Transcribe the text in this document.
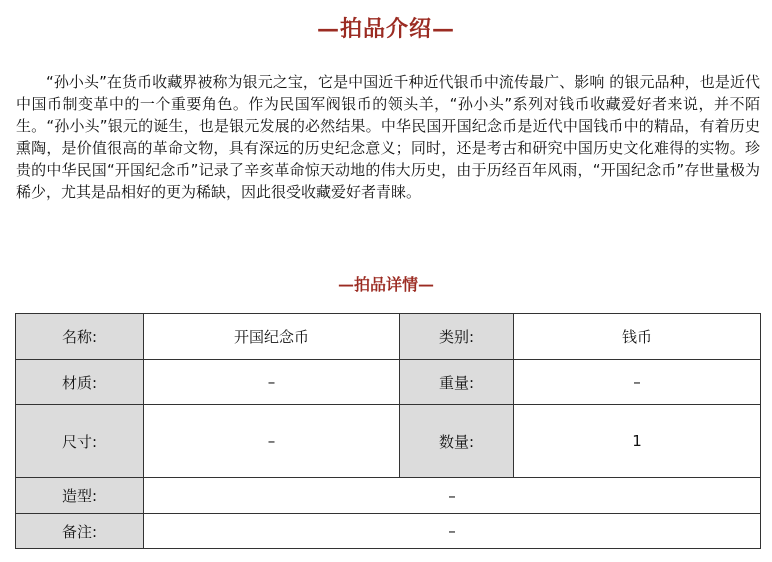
—拍品介绍—

“孙小头”在货币收藏界被称为银元之宝，它是中国近千种近代银币中流传最广、影响 的银元品种，也是近代中国币制变革中的一个重要角色。作为民国军阀银币的领头羊，“孙小头”系列对钱币收藏爱好者来说，并不陌生。“孙小头”银元的诞生，也是银元发展的必然结果。中华民国开国纪念币是近代中国钱币中的精品，有着历史熏陶，是价值很高的革命文物，具有深远的历史纪念意义；同时，还是考古和研究中国历史文化难得的实物。珍贵的中华民国“开国纪念币”记录了辛亥革命惊天动地的伟大历史，由于历经百年风雨，“开国纪念币”存世量极为稀少，尤其是品相好的更为稀缺，因此很受收藏爱好者青睐。

—拍品详情—
名称:	开国纪念币	类别:	钱币
材质:	–	重量:	–
尺寸:	–	数量:	1
造型:	–		
备注:	–		
